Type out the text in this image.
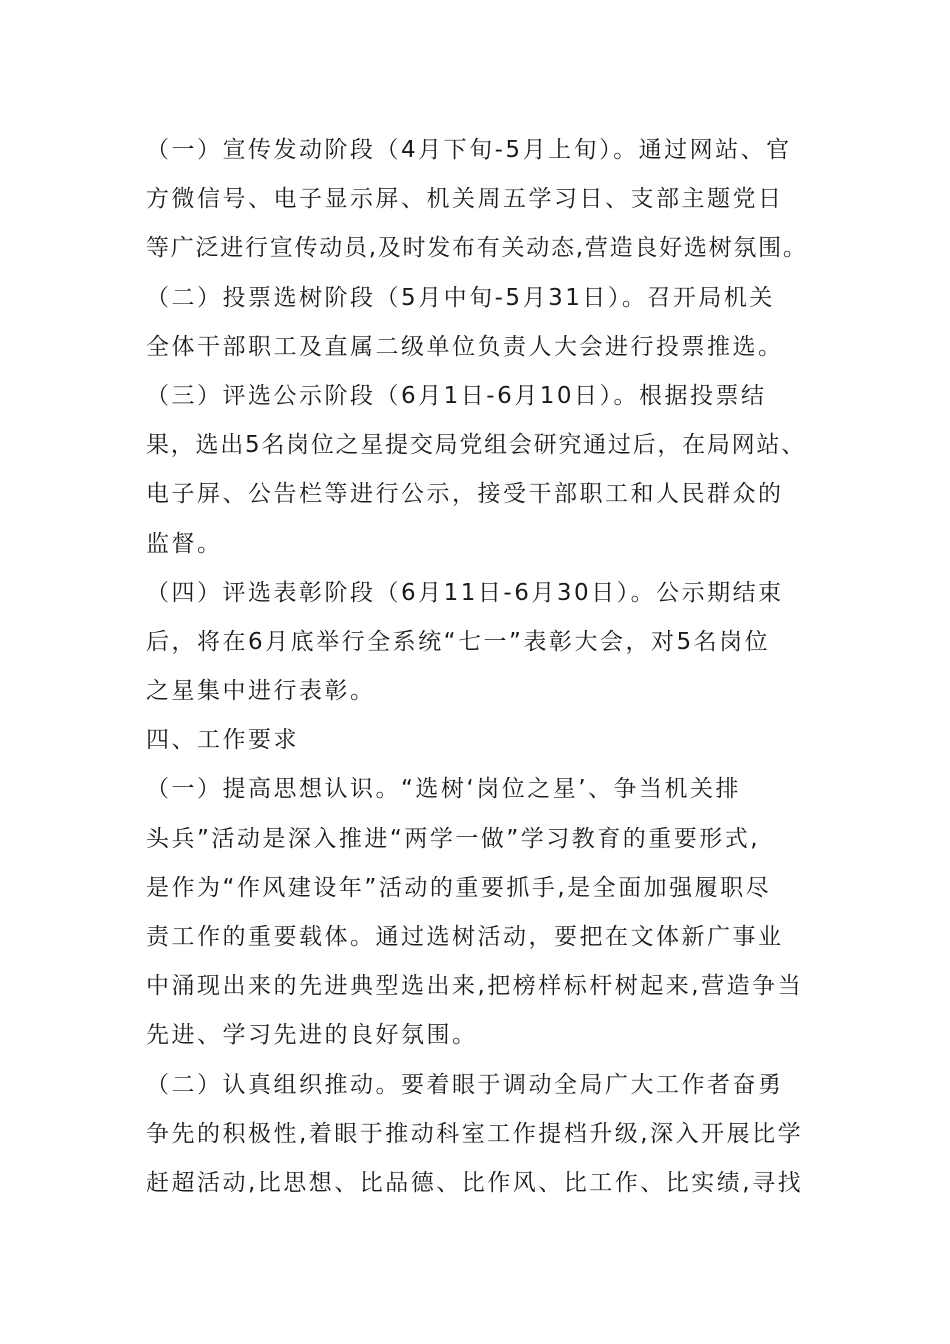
（一）宣传发动阶段（4月下旬-5月上旬）。通过网站、官
方微信号、电子显示屏、机关周五学习日、支部主题党日
等广泛进行宣传动员,及时发布有关动态,营造良好选树氛围。

（二）投票选树阶段（5月中旬-5月31日）。召开局机关
全体干部职工及直属二级单位负责人大会进行投票推选。

（三）评选公示阶段（6月1日-6月10日）。根据投票结
果，选出5名岗位之星提交局党组会研究通过后，在局网站、
电子屏、公告栏等进行公示，接受干部职工和人民群众的
监督。

（四）评选表彰阶段（6月11日-6月30日）。公示期结束
后，将在6月底举行全系统“七一”表彰大会，对5名岗位
之星集中进行表彰。

四、工作要求

（一）提高思想认识。“选树‘岗位之星’、争当机关排
头兵”活动是深入推进“两学一做”学习教育的重要形式,
是作为“作风建设年”活动的重要抓手,是全面加强履职尽
责工作的重要载体。通过选树活动，要把在文体新广事业
中涌现出来的先进典型选出来,把榜样标杆树起来,营造争当
先进、学习先进的良好氛围。

（二）认真组织推动。要着眼于调动全局广大工作者奋勇
争先的积极性,着眼于推动科室工作提档升级,深入开展比学
赶超活动,比思想、比品德、比作风、比工作、比实绩,寻找
